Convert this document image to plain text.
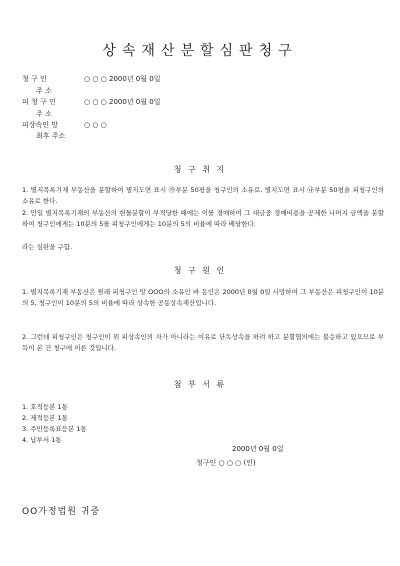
상속재산분할심판청구
청 구 인	○ ○ ○ 2000년 0월 0일
주 소
피 청 구 인	○ ○ ○ 2000년 0월 0일
주 소
피상속인 망	○ ○ ○
최후 주소
청 구 취 지
1. 별지목록기재 부동산을 분할하여 별지도면 표시 ㉮부분 50평을 청구인의 소유로, 별지도면 표시 ㉯부분 50평을 피청구인의 소유로 한다.
2. 만일 별지목록기재의 부동산의 현물분할이 부적당한 때에는 이를 경매하여 그 대금중 경매비용을 공제한 나머지 금액을 분할하여 청구인에게는 10분의 5를 피청구인에게는 10분의 5의 비율에 따라 배당한다.
라는 심판을 구함.
청 구 원 인
1. 별지목록기재 부동산은 원래 피청구인 망 OOO의 소유인 바 동인은 2000년 0월 0일 사망하여 그 부동산은 피청구인이 10분의 5, 청구인이 10분의 5의 비율에 따라 상속한 공동상속재산입니다.
2. 그런데 피청구인은 청구인이 위 피상속인의 자가 아니라는 이유로 단독상속을 하려 하고 분할협의에는 불응하고 있으므로 부득이 본 건 청구에 이른 것입니다.
첨 부 서 류
1. 호적등본 1통
2. 제적등본 1통
3. 주민등록표등본 1통
4. 납부서 1통
2000년 0월 0일
청구인 ○ ○ ○ (인)
OO가정법원 귀중
